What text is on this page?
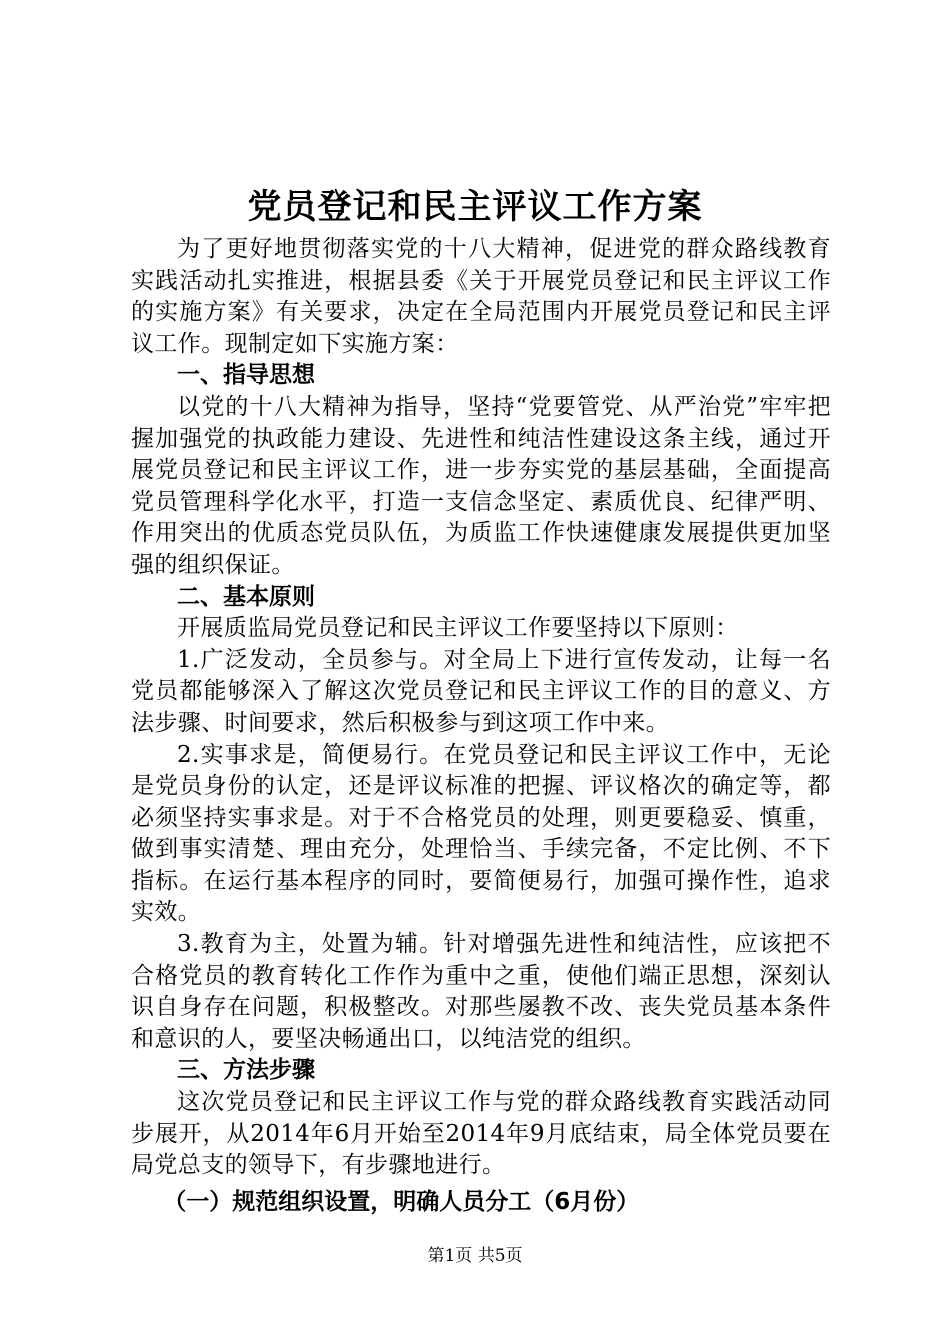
党员登记和民主评议工作方案

为了更好地贯彻落实党的十八大精神，促进党的群众路线教育实践活动扎实推进，根据县委《关于开展党员登记和民主评议工作的实施方案》有关要求，决定在全局范围内开展党员登记和民主评议工作。现制定如下实施方案：

一、指导思想

以党的十八大精神为指导，坚持“党要管党、从严治党”牢牢把握加强党的执政能力建设、先进性和纯洁性建设这条主线，通过开展党员登记和民主评议工作，进一步夯实党的基层基础，全面提高党员管理科学化水平，打造一支信念坚定、素质优良、纪律严明、作用突出的优质态党员队伍，为质监工作快速健康发展提供更加坚强的组织保证。

二、基本原则

开展质监局党员登记和民主评议工作要坚持以下原则：

1.广泛发动，全员参与。对全局上下进行宣传发动，让每一名党员都能够深入了解这次党员登记和民主评议工作的目的意义、方法步骤、时间要求，然后积极参与到这项工作中来。

2.实事求是，简便易行。在党员登记和民主评议工作中，无论是党员身份的认定，还是评议标准的把握、评议格次的确定等，都必须坚持实事求是。对于不合格党员的处理，则更要稳妥、慎重，做到事实清楚、理由充分，处理恰当、手续完备，不定比例、不下指标。在运行基本程序的同时，要简便易行，加强可操作性，追求实效。

3.教育为主，处置为辅。针对增强先进性和纯洁性，应该把不合格党员的教育转化工作作为重中之重，使他们端正思想，深刻认识自身存在问题，积极整改。对那些屡教不改、丧失党员基本条件和意识的人，要坚决畅通出口，以纯洁党的组织。

三、方法步骤

这次党员登记和民主评议工作与党的群众路线教育实践活动同步展开，从2014年6月开始至2014年9月底结束，局全体党员要在局党总支的领导下，有步骤地进行。

（一）规范组织设置，明确人员分工（6月份）

第1页 共5页
